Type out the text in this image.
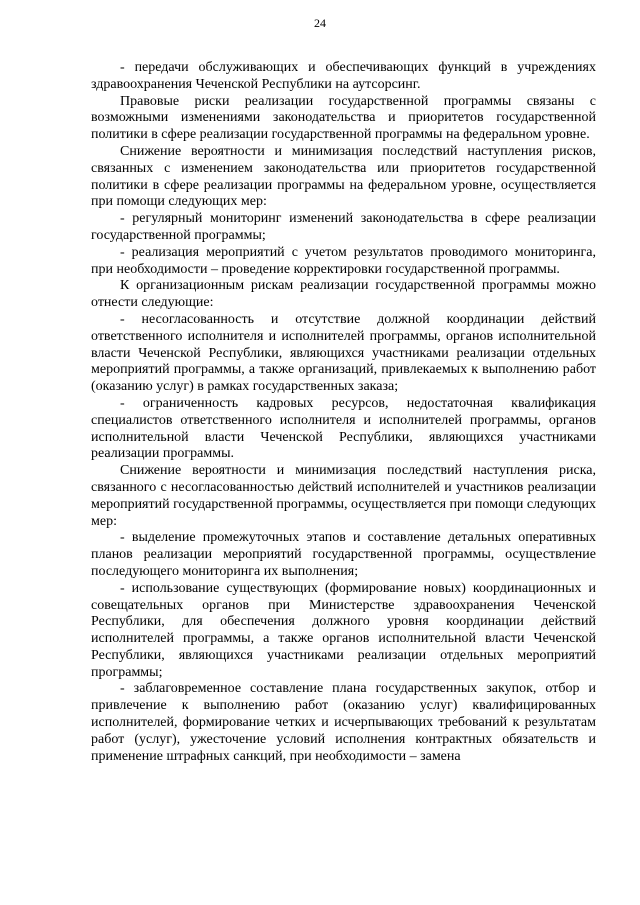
24

- передачи обслуживающих и обеспечивающих функций в учреждениях здравоохранения Чеченской Республики на аутсорсинг.

Правовые риски реализации государственной программы связаны с возможными изменениями законодательства и приоритетов государственной политики в сфере реализации государственной программы на федеральном уровне.

Снижение вероятности и минимизация последствий наступления рисков, связанных с изменением законодательства или приоритетов государственной политики в сфере реализации программы на федеральном уровне, осуществляется при помощи следующих мер:

- регулярный мониторинг изменений законодательства в сфере реализации государственной программы;

- реализация мероприятий с учетом результатов проводимого мониторинга, при необходимости – проведение корректировки государственной программы.

К организационным рискам реализации государственной программы можно отнести следующие:

- несогласованность и отсутствие должной координации действий ответственного исполнителя и исполнителей программы, органов исполнительной власти Чеченской Республики, являющихся участниками реализации отдельных мероприятий программы, а также организаций, привлекаемых к выполнению работ (оказанию услуг) в рамках государственных заказа;

- ограниченность кадровых ресурсов, недостаточная квалификация специалистов ответственного исполнителя и исполнителей программы, органов исполнительной власти Чеченской Республики, являющихся участниками реализации программы.

Снижение вероятности и минимизация последствий наступления риска, связанного с несогласованностью действий исполнителей и участников реализации мероприятий государственной программы, осуществляется при помощи следующих мер:

- выделение промежуточных этапов и составление детальных оперативных планов реализации мероприятий государственной программы, осуществление последующего мониторинга их выполнения;

- использование существующих (формирование новых) координационных и совещательных органов при Министерстве здравоохранения Чеченской Республики, для обеспечения должного уровня координации действий исполнителей программы, а также органов исполнительной власти Чеченской Республики, являющихся участниками реализации отдельных мероприятий программы;

- заблаговременное составление плана государственных закупок, отбор и привлечение к выполнению работ (оказанию услуг) квалифицированных исполнителей, формирование четких и исчерпывающих требований к результатам работ (услуг), ужесточение условий исполнения контрактных обязательств и применение штрафных санкций, при необходимости – замена
